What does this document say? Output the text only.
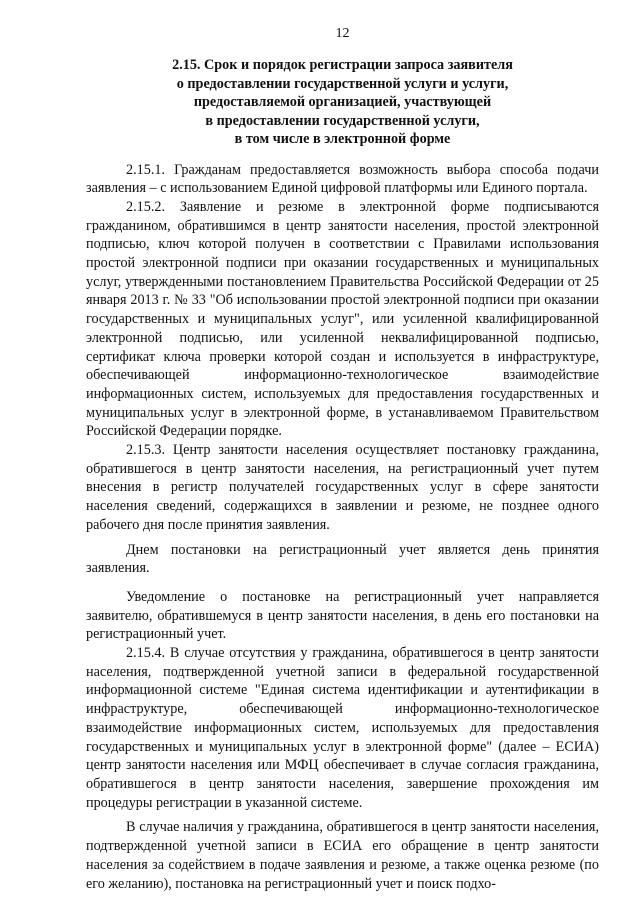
12
2.15. Срок и порядок регистрации запроса заявителя
о предоставлении государственной услуги и услуги,
предоставляемой организацией, участвующей
в предоставлении государственной услуги,
в том числе в электронной форме

2.15.1. Гражданам предоставляется возможность выбора способа подачи заявления – с использованием Единой цифровой платформы или Единого портала.

2.15.2. Заявление и резюме в электронной форме подписываются гражданином, обратившимся в центр занятости населения, простой электронной подписью, ключ которой получен в соответствии с Правилами использования простой электронной подписи при оказании государственных и муниципальных услуг, утвержденными постановлением Правительства Российской Федерации от 25 января 2013 г. № 33 "Об использовании простой электронной подписи при оказании государственных и муниципальных услуг", или усиленной квалифицированной электронной подписью, или усиленной неквалифицированной подписью, сертификат ключа проверки которой создан и используется в инфраструктуре, обеспечивающей информационно-технологическое взаимодействие информационных систем, используемых для предоставления государственных и муниципальных услуг в электронной форме, в устанавливаемом Правительством Российской Федерации порядке.

2.15.3. Центр занятости населения осуществляет постановку гражданина, обратившегося в центр занятости населения, на регистрационный учет путем внесения в регистр получателей государственных услуг в сфере занятости населения сведений, содержащихся в заявлении и резюме, не позднее одного рабочего дня после принятия заявления.

Днем постановки на регистрационный учет является день принятия заявления.

Уведомление о постановке на регистрационный учет направляется заявителю, обратившемуся в центр занятости населения, в день его постановки на регистрационный учет.

2.15.4. В случае отсутствия у гражданина, обратившегося в центр занятости населения, подтвержденной учетной записи в федеральной государственной информационной системе "Единая система идентификации и аутентификации в инфраструктуре, обеспечивающей информационно-технологическое взаимодействие информационных систем, используемых для предоставления государственных и муниципальных услуг в электронной форме" (далее – ЕСИА) центр занятости населения или МФЦ обеспечивает в случае согласия гражданина, обратившегося в центр занятости населения, завершение прохождения им процедуры регистрации в указанной системе.

В случае наличия у гражданина, обратившегося в центр занятости населения, подтвержденной учетной записи в ЕСИА его обращение в центр занятости населения за содействием в подаче заявления и резюме, а также оценка резюме (по его желанию), постановка на регистрационный учет и поиск подхо-
